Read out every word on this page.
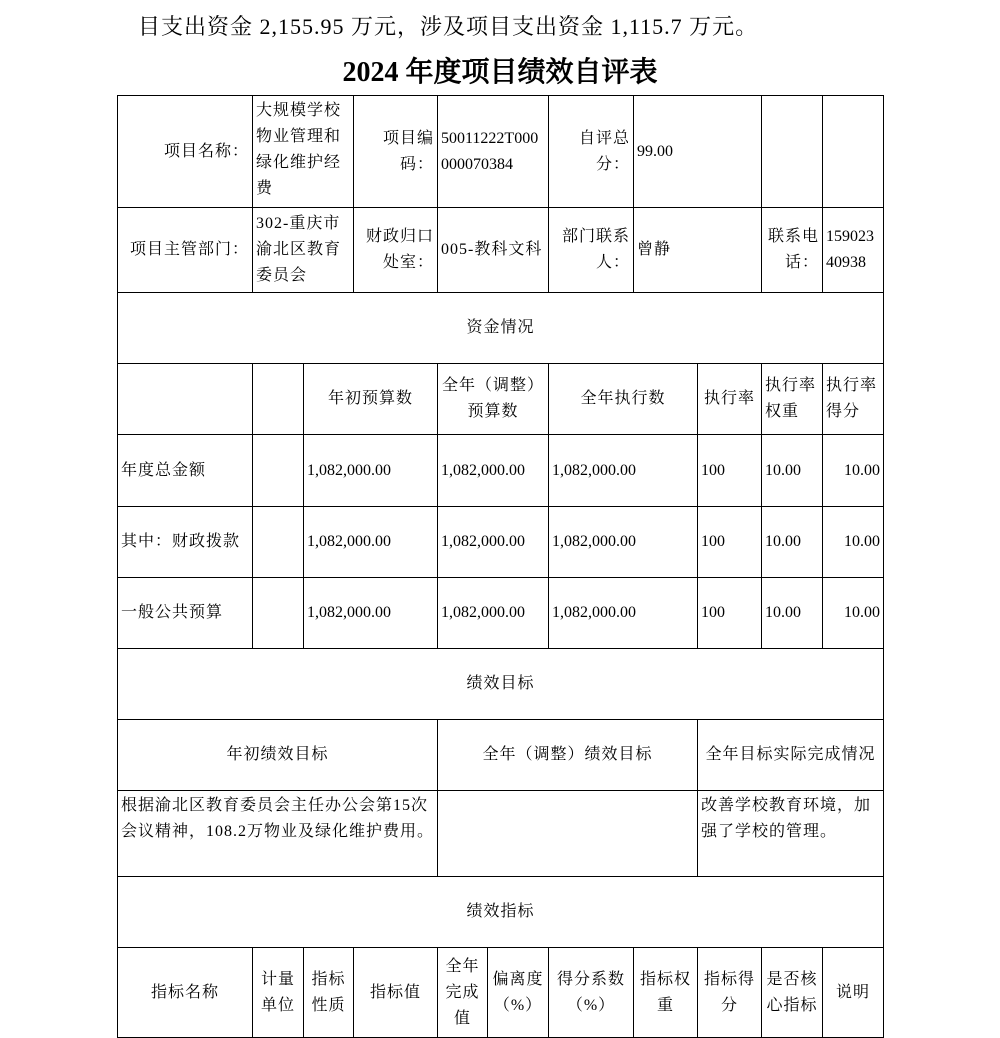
目支出资金 2,155.95 万元，涉及项目支出资金 1,115.7 万元。
2024 年度项目绩效自评表
项目名称：	大规模学校物业管理和绿化维护经费		项目编码：	50011222T000000070384		自评总分：	99.00			
项目主管部门：	302-重庆市渝北区教育委员会		财政归口处室：	005-教科文科		部门联系人：	曾静		联系电话：	15902340938
资金情况										
		年初预算数		全年（调整）预算数		全年执行数		执行率	执行率权重	执行率得分
年度总金额		1,082,000.00		1,082,000.00		1,082,000.00		100	10.00	10.00
其中：财政拨款		1,082,000.00		1,082,000.00		1,082,000.00		100	10.00	10.00
一般公共预算		1,082,000.00		1,082,000.00		1,082,000.00		100	10.00	10.00
绩效目标										
年初绩效目标				全年（调整）绩效目标				全年目标实际完成情况		
根据渝北区教育委员会主任办公会第15次会议精神，108.2万物业及绿化维护费用。								改善学校教育环境，加强了学校的管理。		
绩效指标										
指标名称	计量单位	指标性质	指标值	全年完成值	偏离度（%）	得分系数（%）	指标权重	指标得分	是否核心指标	说明
